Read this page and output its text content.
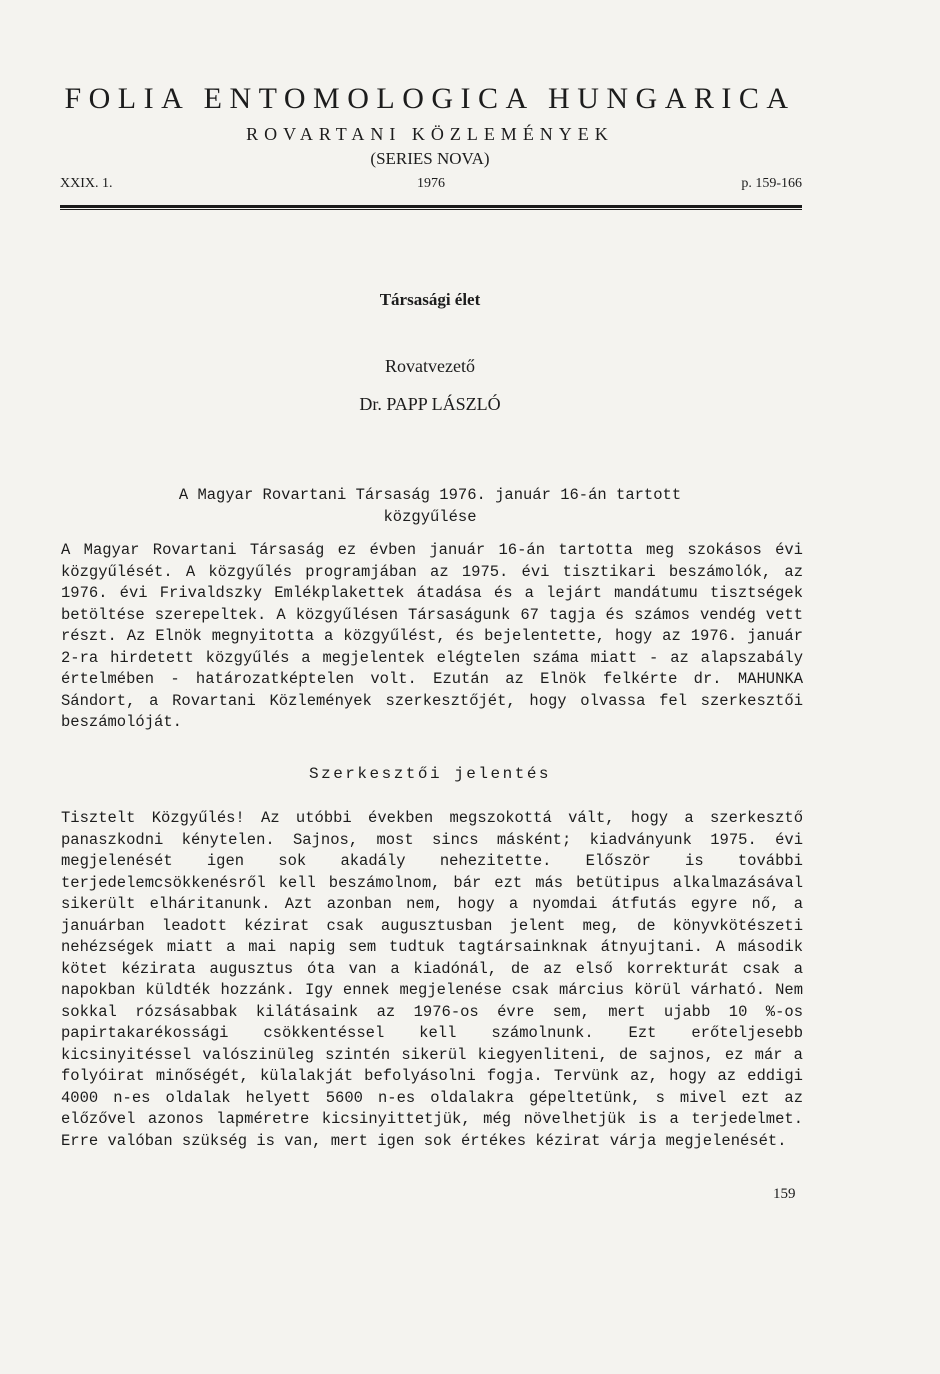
FOLIA ENTOMOLOGICA HUNGARICA
ROVARTANI KÖZLEMÉNYEK
(SERIES NOVA)
1976
XXIX. 1.	p. 159-166
Társasági élet
Rovatvezető
Dr. PAPP LÁSZLÓ
A Magyar Rovartani Társaság 1976. január 16-án tartott
közgyűlése
A Magyar Rovartani Társaság ez évben január 16-án tartotta meg szokásos évi közgyűlését. A közgyűlés programjában az 1975. évi tisztikari beszámolók, az 1976. évi Frivaldszky Emlékplakettek átadása és a lejárt mandátumu tisztségek betöltése szerepeltek. A közgyűlésen Társaságunk 67 tagja és számos vendég vett részt. Az Elnök megnyitotta a közgyűlést, és bejelentette, hogy az 1976. január 2-ra hirdetett közgyűlés a megjelentek elégtelen száma miatt - az alapszabály értelmében - határozatképtelen volt. Ezután az Elnök felkérte dr. MAHUNKA Sándort, a Rovartani Közlemények szerkesztőjét, hogy olvassa fel szerkesztői beszámolóját.
Szerkesztői jelentés
Tisztelt Közgyűlés! Az utóbbi években megszokottá vált, hogy a szerkesztő panaszkodni kénytelen. Sajnos, most sincs másként; kiadványunk 1975. évi megjelenését igen sok akadály nehezitette. Először is további terjedelemcsökkenésről kell beszámolnom, bár ezt más betütipus alkalmazásával sikerült elháritanunk. Azt azonban nem, hogy a nyomdai átfutás egyre nő, a januárban leadott kézirat csak augusztusban jelent meg, de könyvkötészeti nehézségek miatt a mai napig sem tudtuk tagtársainknak átnyujtani. A második kötet kézirata augusztus óta van a kiadónál, de az első korrekturát csak a napokban küldték hozzánk. Igy ennek megjelenése csak március körül várható. Nem sokkal rózsásabbak kilátásaink az 1976-os évre sem, mert ujabb 10 %-os papirtakarékossági csökkentéssel kell számolnunk. Ezt erőteljesebb kicsinyitéssel valószinüleg szintén sikerül kiegyenliteni, de sajnos, ez már a folyóirat minőségét, külalakját befolyásolni fogja. Tervünk az, hogy az eddigi 4000 n-es oldalak helyett 5600 n-es oldalakra gépeltetünk, s mivel ezt az előzővel azonos lapméretre kicsinyittetjük, még növelhetjük is a terjedelmet. Erre valóban szükség is van, mert igen sok értékes kézirat várja megjelenését.
159
